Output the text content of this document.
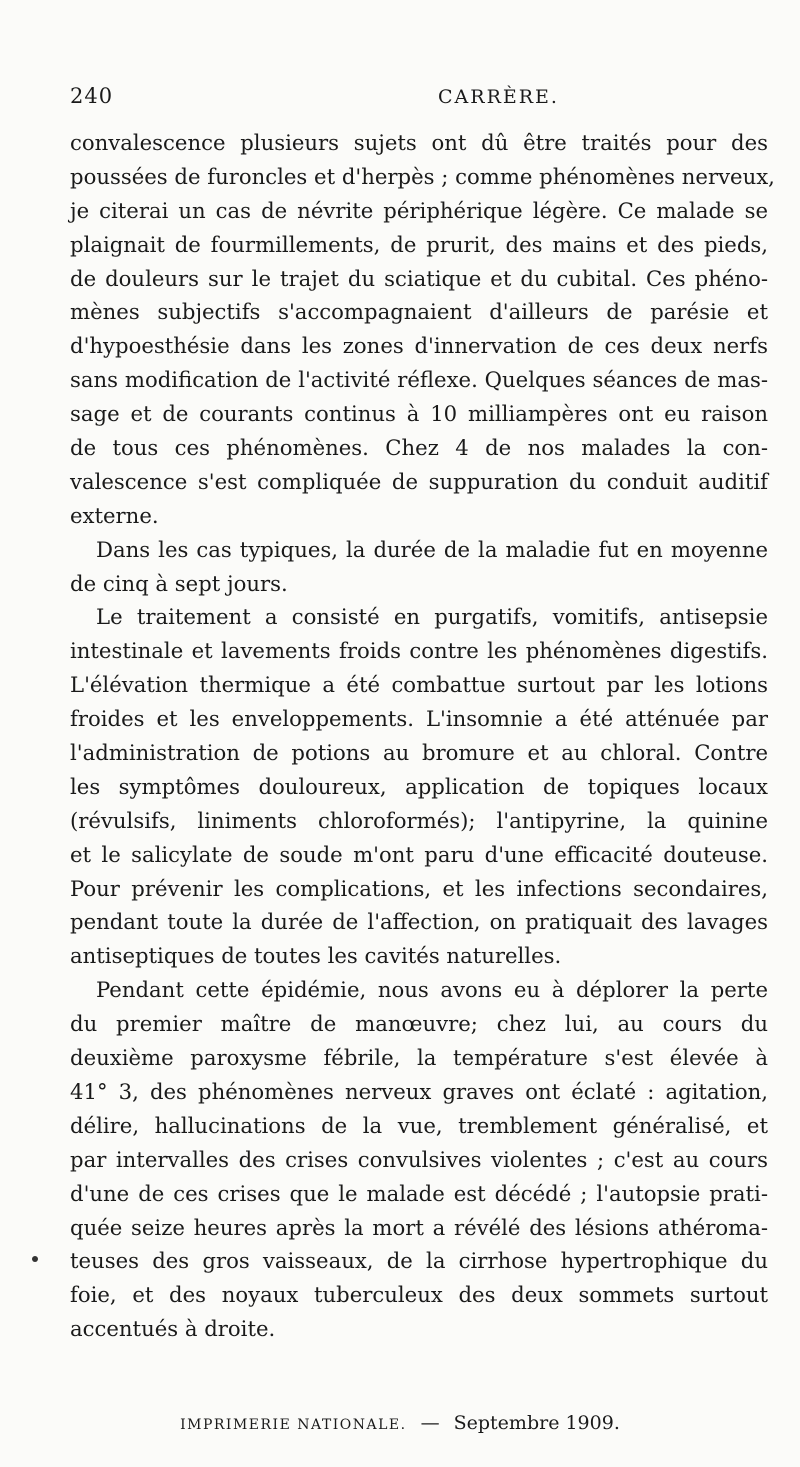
240	CARRÈRE.
convalescence plusieurs sujets ont dû être traités pour des
poussées de furoncles et d'herpès ; comme phénomènes nerveux,
je citerai un cas de névrite périphérique légère. Ce malade se
plaignait de fourmillements, de prurit, des mains et des pieds,
de douleurs sur le trajet du sciatique et du cubital. Ces phéno-
mènes subjectifs s'accompagnaient d'ailleurs de parésie et
d'hypoesthésie dans les zones d'innervation de ces deux nerfs
sans modification de l'activité réflexe. Quelques séances de mas-
sage et de courants continus à 10 milliampères ont eu raison
de tous ces phénomènes. Chez 4 de nos malades la con-
valescence s'est compliquée de suppuration du conduit auditif
externe.
Dans les cas typiques, la durée de la maladie fut en moyenne
de cinq à sept jours.
Le traitement a consisté en purgatifs, vomitifs, antisepsie
intestinale et lavements froids contre les phénomènes digestifs.
L'élévation thermique a été combattue surtout par les lotions
froides et les enveloppements. L'insomnie a été atténuée par
l'administration de potions au bromure et au chloral. Contre
les symptômes douloureux, application de topiques locaux
(révulsifs, liniments chloroformés); l'antipyrine, la quinine
et le salicylate de soude m'ont paru d'une efficacité douteuse.
Pour prévenir les complications, et les infections secondaires,
pendant toute la durée de l'affection, on pratiquait des lavages
antiseptiques de toutes les cavités naturelles.
Pendant cette épidémie, nous avons eu à déplorer la perte
du premier maître de manœuvre; chez lui, au cours du
deuxième paroxysme fébrile, la température s'est élevée à
41° 3, des phénomènes nerveux graves ont éclaté : agitation,
délire, hallucinations de la vue, tremblement généralisé, et
par intervalles des crises convulsives violentes ; c'est au cours
d'une de ces crises que le malade est décédé ; l'autopsie prati-
quée seize heures après la mort a révélé des lésions athéroma-
teuses des gros vaisseaux, de la cirrhose hypertrophique du
foie, et des noyaux tuberculeux des deux sommets surtout
accentués à droite.
IMPRIMERIE NATIONALE. — Septembre 1909.
